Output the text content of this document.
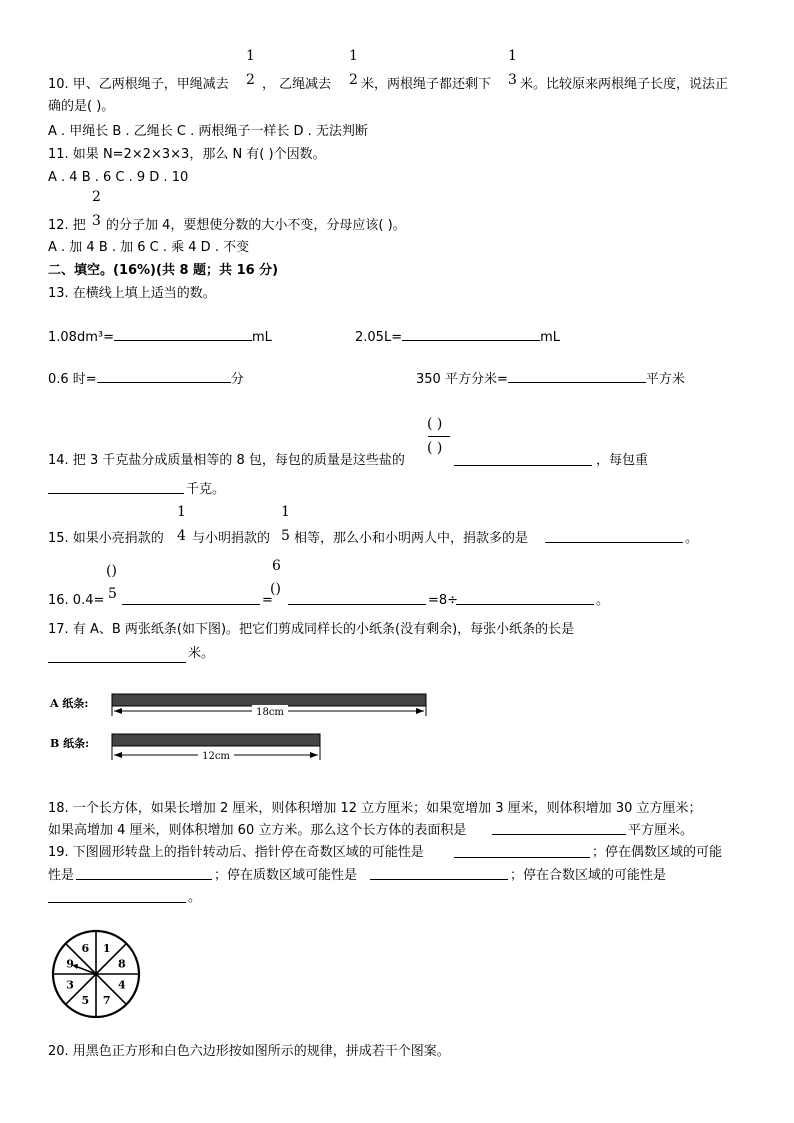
1
2
1
2
1
3
10. 甲、乙两根绳子，甲绳减去	， 乙绳减去 米，两根绳子都还剩下 米。比较原来两根绳子长度，说法正
确的是( )。
A . 甲绳长 B . 乙绳长 C . 两根绳子一样长 D . 无法判断
11. 如果 N=2×2×3×3，那么 N 有( )个因数。
A . 4 B . 6 C . 9 D . 10
2
3
12. 把 的分子加 4，要想使分数的大小不变，分母应该( )。
A . 加 4 B . 加 6 C . 乘 4 D . 不变
二、填空。(16%)(共 8 题；共 16 分)
13. 在横线上填上适当的数。
1.08dm³=	mL	2.05L=	mL
0.6 时=	分	350 平方分米=	平方米
( )
( )
14. 把 3 千克盐分成质量相等的 8 包，每包的质量是这些盐的	，每包重
千克。
1
4
1
5
15. 如果小亮捐款的 与小明捐款的 相等，那么小和小明两人中，捐款多的是	。
()
5
6
()
16. 0.4=	=	=8÷	。
17. 有 A、B 两张纸条(如下图)。把它们剪成同样长的小纸条(没有剩余)，每张小纸条的长是
米。
A 纸条:
18cm
B 纸条:
12cm
18. 一个长方体，如果长增加 2 厘米，则体积增加 12 立方厘米；如果宽增加 3 厘米，则体积增加 30 立方厘米；
如果高增加 4 厘米，则体积增加 60 立方米。那么这个长方体的表面积是	平方厘米。
19. 下图圆形转盘上的指针转动后、指针停在奇数区域的可能性是	；停在偶数区域的可能
性是	；停在质数区域可能性是	；停在合数区域的可能性是
。
1
8
4
7
5
3
9
6
20. 用黑色正方形和白色六边形按如图所示的规律，拼成若干个图案。
